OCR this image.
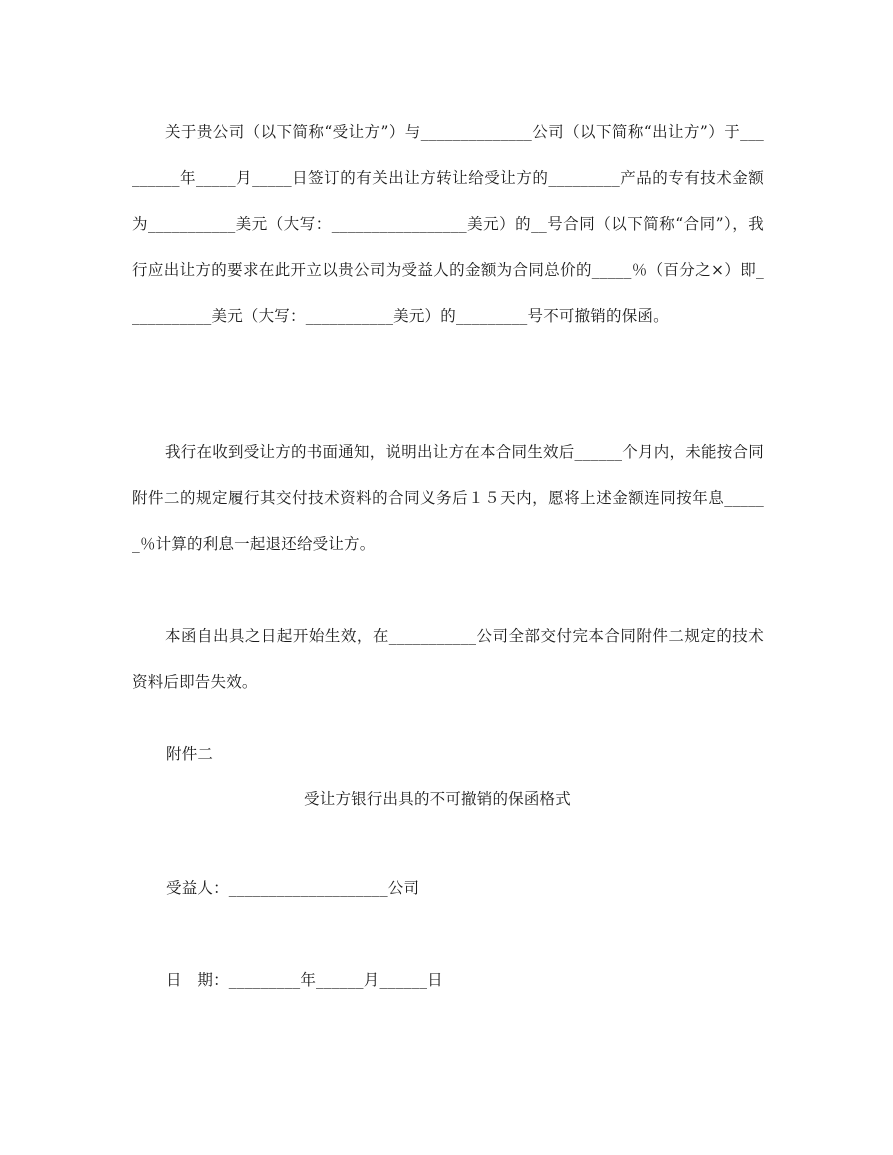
关于贵公司（以下简称“受让方”）与______________公司（以下简称“出让方”）于_________年_____月_____日签订的有关出让方转让给受让方的_________产品的专有技术金额为___________美元（大写：_________________美元）的__号合同（以下简称“合同”），我行应出让方的要求在此开立以贵公司为受益人的金额为合同总价的_____％（百分之×）即___________美元（大写：___________美元）的_________号不可撤销的保函。

我行在收到受让方的书面通知，说明出让方在本合同生效后______个月内，未能按合同附件二的规定履行其交付技术资料的合同义务后１５天内，愿将上述金额连同按年息______％计算的利息一起退还给受让方。

本函自出具之日起开始生效，在___________公司全部交付完本合同附件二规定的技术资料后即告失效。

附件二
受让方银行出具的不可撤销的保函格式
受益人：____________________公司
日　期：_________年______月______日
